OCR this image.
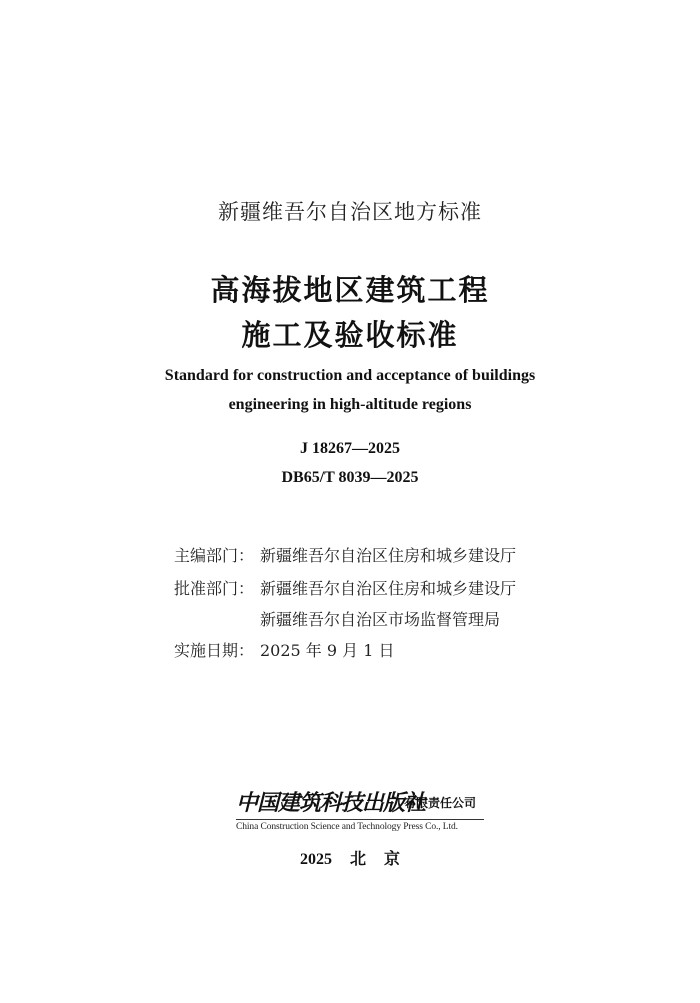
新疆维吾尔自治区地方标准
高海拔地区建筑工程
施工及验收标准
Standard for construction and acceptance of buildings
engineering in high-altitude regions
J 18267—2025
DB65/T 8039—2025
主编部门： 新疆维吾尔自治区住房和城乡建设厅
批准部门： 新疆维吾尔自治区住房和城乡建设厅
新疆维吾尔自治区市场监督管理局
实施日期： 2025 年 9 月 1 日
中国建筑科技出版社
有限责任公司
China Construction Science and Technology Press Co., Ltd.
2025 北 京
